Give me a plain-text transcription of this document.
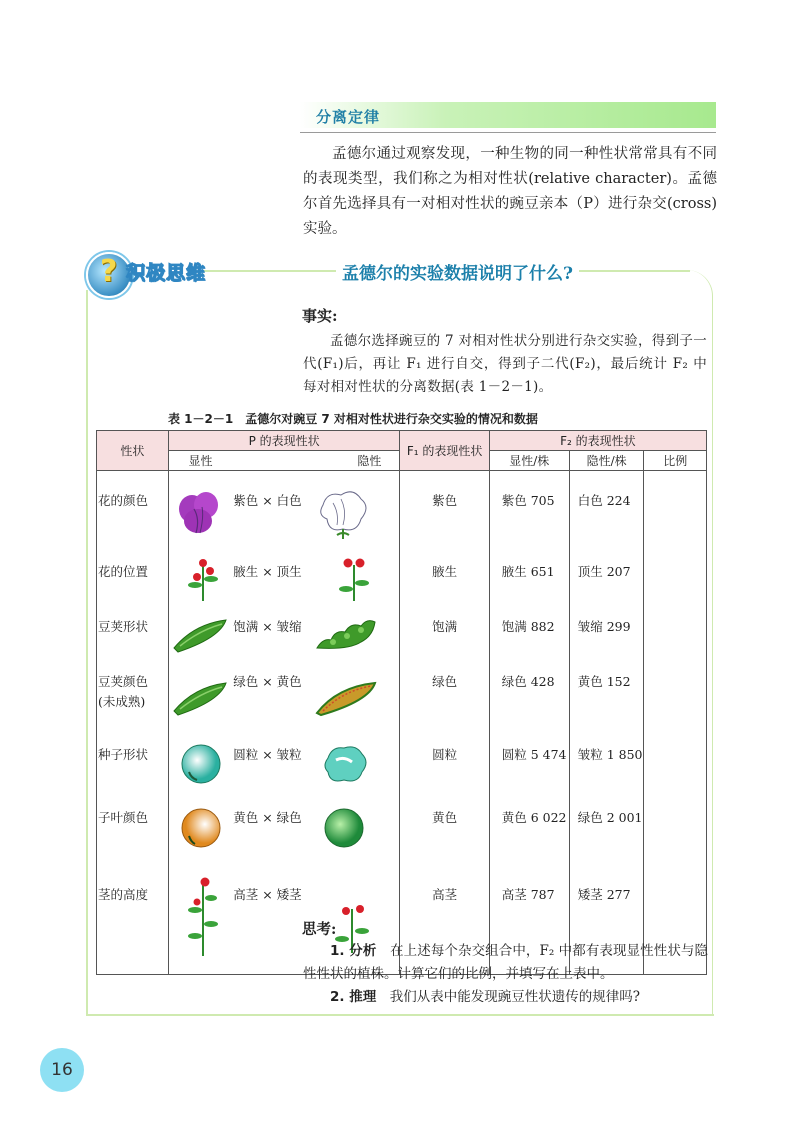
分离定律
孟德尔通过观察发现，一种生物的同一种性状常常具有不同的表现类型，我们称之为相对性状(relative character)。孟德尔首先选择具有一对相对性状的豌豆亲本（P）进行杂交(cross)实验。
? 积极思维	孟德尔的实验数据说明了什么?
事实:
孟德尔选择豌豆的 7 对相对性状分别进行杂交实验，得到子一代(F₁)后，再让 F₁ 进行自交，得到子二代(F₂)，最后统计 F₂ 中每对相对性状的分离数据(表 1－2－1)。
表 1－2－1　孟德尔对豌豆 7 对相对性状进行杂交实验的情况和数据
性状	P 的表现性状			F₁ 的表现性状	F₂ 的表现性状		
	显性		隐性		显性/株	隐性/株	比例
花的颜色		紫色 × 白色		紫色	紫色 705	白色 224	
花的位置		腋生 × 顶生		腋生	腋生 651	顶生 207	
豆荚形状		饱满 × 皱缩		饱满	饱满 882	皱缩 299	
豆荚颜色
(未成熟)		绿色 × 黄色		绿色	绿色 428	黄色 152	
种子形状		圆粒 × 皱粒		圆粒	圆粒 5 474	皱粒 1 850	
子叶颜色		黄色 × 绿色		黄色	黄色 6 022	绿色 2 001	
茎的高度		高茎 × 矮茎		高茎	高茎 787	矮茎 277	
思考:
1. 分析　 在上述每个杂交组合中，F₂ 中都有表现显性性状与隐性性状的植株。计算它们的比例，并填写在上表中。
2. 推理　 我们从表中能发现豌豆性状遗传的规律吗?
16
